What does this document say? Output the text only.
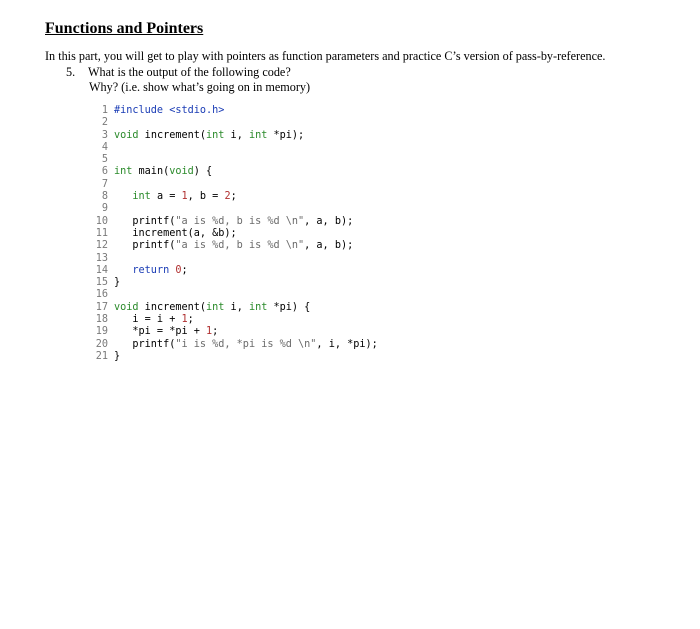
Functions and Pointers
In this part, you will get to play with pointers as function parameters and practice C’s version of pass-by-reference.
5. What is the output of the following code?
Why? (i.e. show what’s going on in memory)
1 #include <stdio.h>
2
3 void increment(int i, int *pi);
4
5
6 int main(void) {
7
8 int a = 1, b = 2;
9
10   printf("a is %d, b is %d \n", a, b);
11   increment(a, &b);
12   printf("a is %d, b is %d \n", a, b);
13
14 return 0;
15 }
16
17 void increment(int i, int *pi) {
18   i = i + 1;
19   *pi = *pi + 1;
20   printf("i is %d, *pi is %d \n", i, *pi);
21 }
